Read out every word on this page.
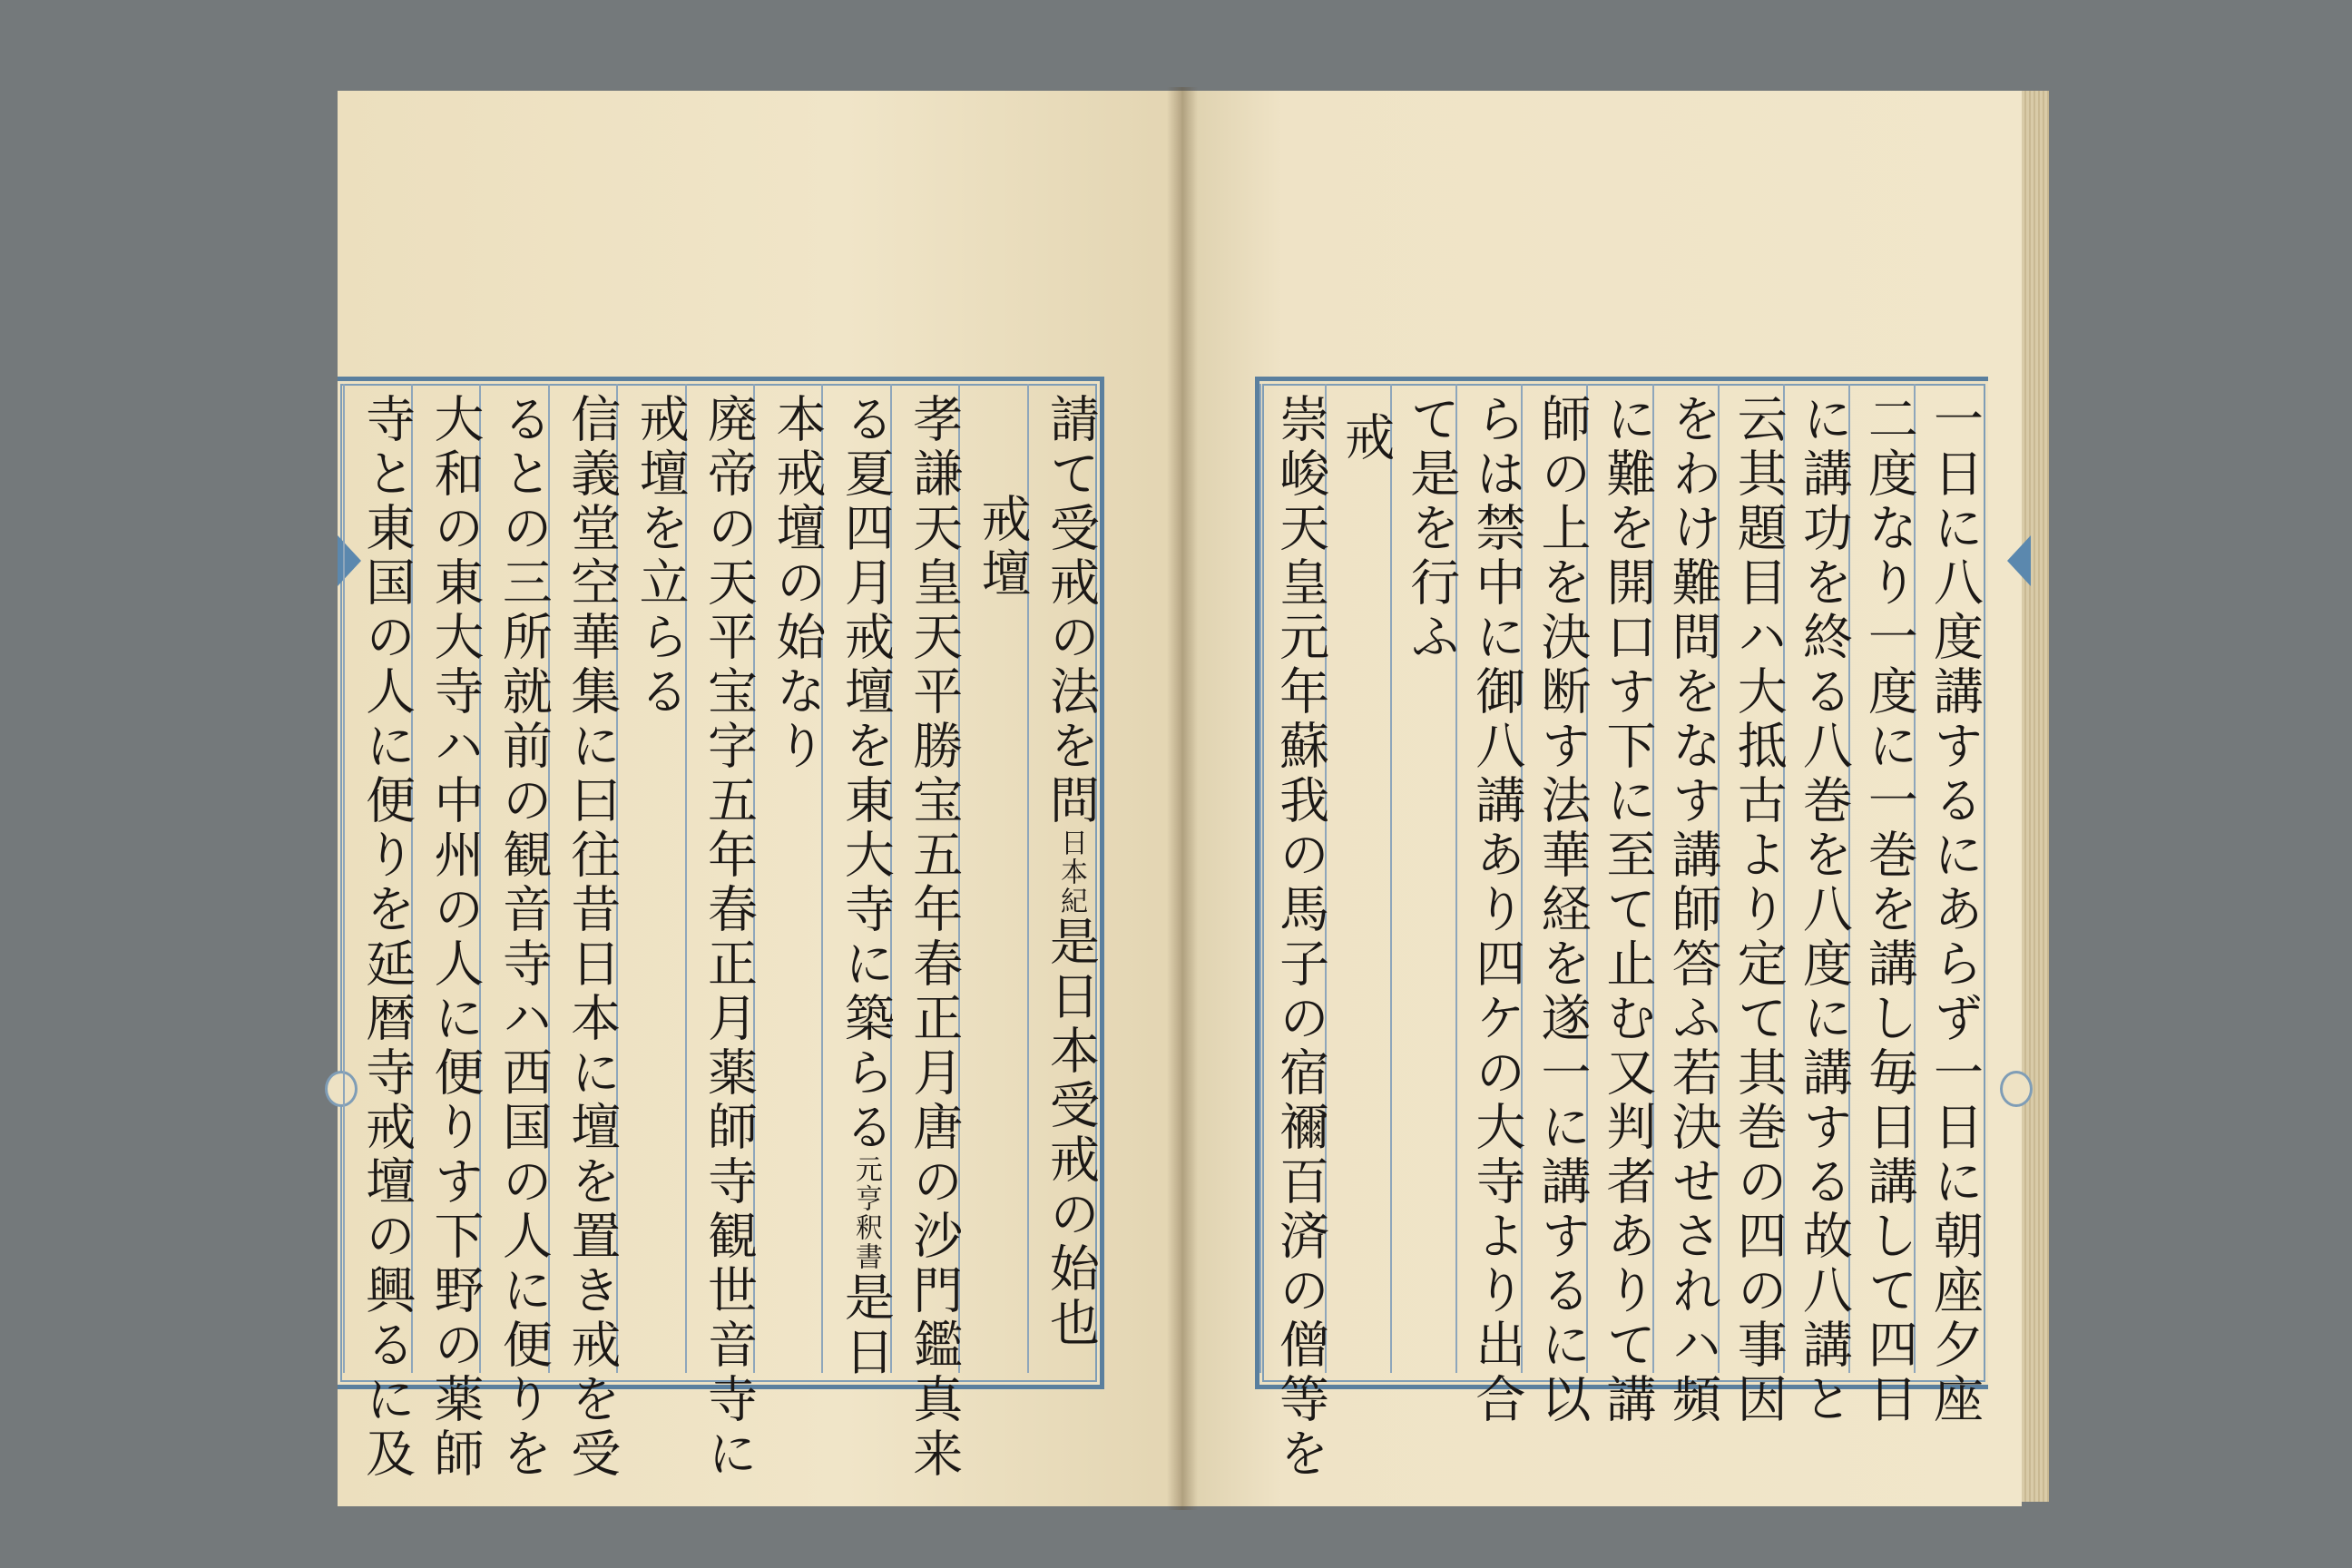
請て受戒の法を問日本紀是日本受戒の始也
戒壇
孝謙天皇天平勝宝五年春正月唐の沙門鑑真来
る夏四月戒壇を東大寺に築らる元亨釈書是日
本戒壇の始なり
廃帝の天平宝字五年春正月薬師寺観世音寺に
戒壇を立らる
信義堂空華集に曰往昔日本に壇を置き戒を受
るとの三所就前の観音寺ハ西国の人に便りを
大和の東大寺ハ中州の人に便りす下野の薬師
寺と東国の人に便りを延暦寺戒壇の興るに及	一日に八度講するにあらず一日に朝座夕座
二度なり一度に一巻を講し毎日講して四日
に講功を終る八巻を八度に講する故八講と
云其題目ハ大抵古より定て其巻の四の事因
をわけ難問をなす講師答ふ若決せされハ頻
に難を開口す下に至て止む又判者ありて講
師の上を決断す法華経を遂一に講するに以
らは禁中に御八講あり四ケの大寺より出合
て是を行ふ
戒
崇峻天皇元年蘇我の馬子の宿禰百済の僧等を
